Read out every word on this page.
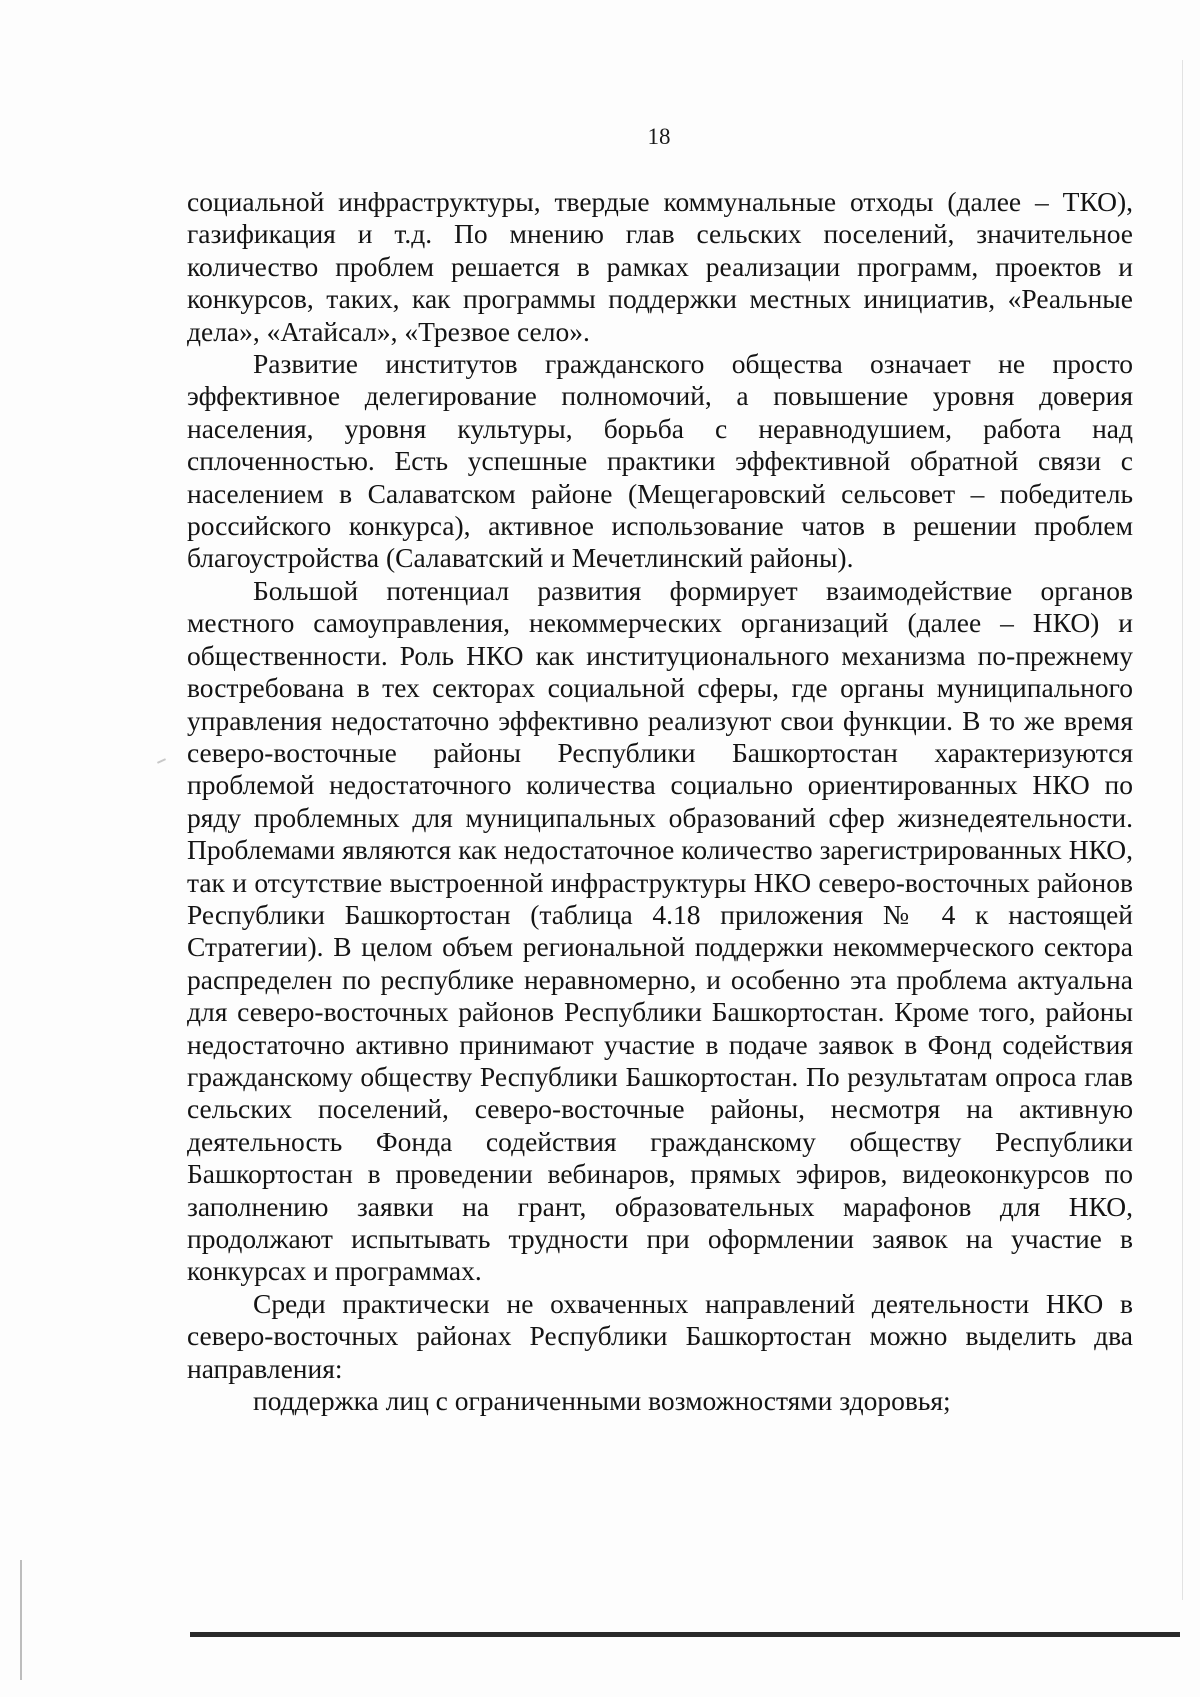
18

социальной инфраструктуры, твердые коммунальные отходы (далее – ТКО), газификация и т.д. По мнению глав сельских поселений, значительное количество проблем решается в рамках реализации программ, проектов и конкурсов, таких, как программы поддержки местных инициатив, «Реальные дела», «Атайсал», «Трезвое село».

Развитие институтов гражданского общества означает не просто эффективное делегирование полномочий, а повышение уровня доверия населения, уровня культуры, борьба с неравнодушием, работа над сплоченностью. Есть успешные практики эффективной обратной связи с населением в Салаватском районе (Мещегаровский сельсовет – победитель российского конкурса), активное использование чатов в решении проблем благоустройства (Салаватский и Мечетлинский районы).

Большой потенциал развития формирует взаимодействие органов местного самоуправления, некоммерческих организаций (далее – НКО) и общественности. Роль НКО как институционального механизма по-прежнему востребована в тех секторах социальной сферы, где органы муниципального управления недостаточно эффективно реализуют свои функции. В то же время северо-восточные районы Республики Башкортостан характеризуются проблемой недостаточного количества социально ориентированных НКО по ряду проблемных для муниципальных образований сфер жизнедеятельности. Проблемами являются как недостаточное количество зарегистрированных НКО, так и отсутствие выстроенной инфраструктуры НКО северо-восточных районов Республики Башкортостан (таблица 4.18 приложения № 4 к настоящей Стратегии). В целом объем региональной поддержки некоммерческого сектора распределен по республике неравномерно, и особенно эта проблема актуальна для северо-восточных районов Республики Башкортостан. Кроме того, районы недостаточно активно принимают участие в подаче заявок в Фонд содействия гражданскому обществу Республики Башкортостан. По результатам опроса глав сельских поселений, северо-восточные районы, несмотря на активную деятельность Фонда содействия гражданскому обществу Республики Башкортостан в проведении вебинаров, прямых эфиров, видеоконкурсов по заполнению заявки на грант, образовательных марафонов для НКО, продолжают испытывать трудности при оформлении заявок на участие в конкурсах и программах.

Среди практически не охваченных направлений деятельности НКО в северо-восточных районах Республики Башкортостан можно выделить два направления:

поддержка лиц с ограниченными возможностями здоровья;
